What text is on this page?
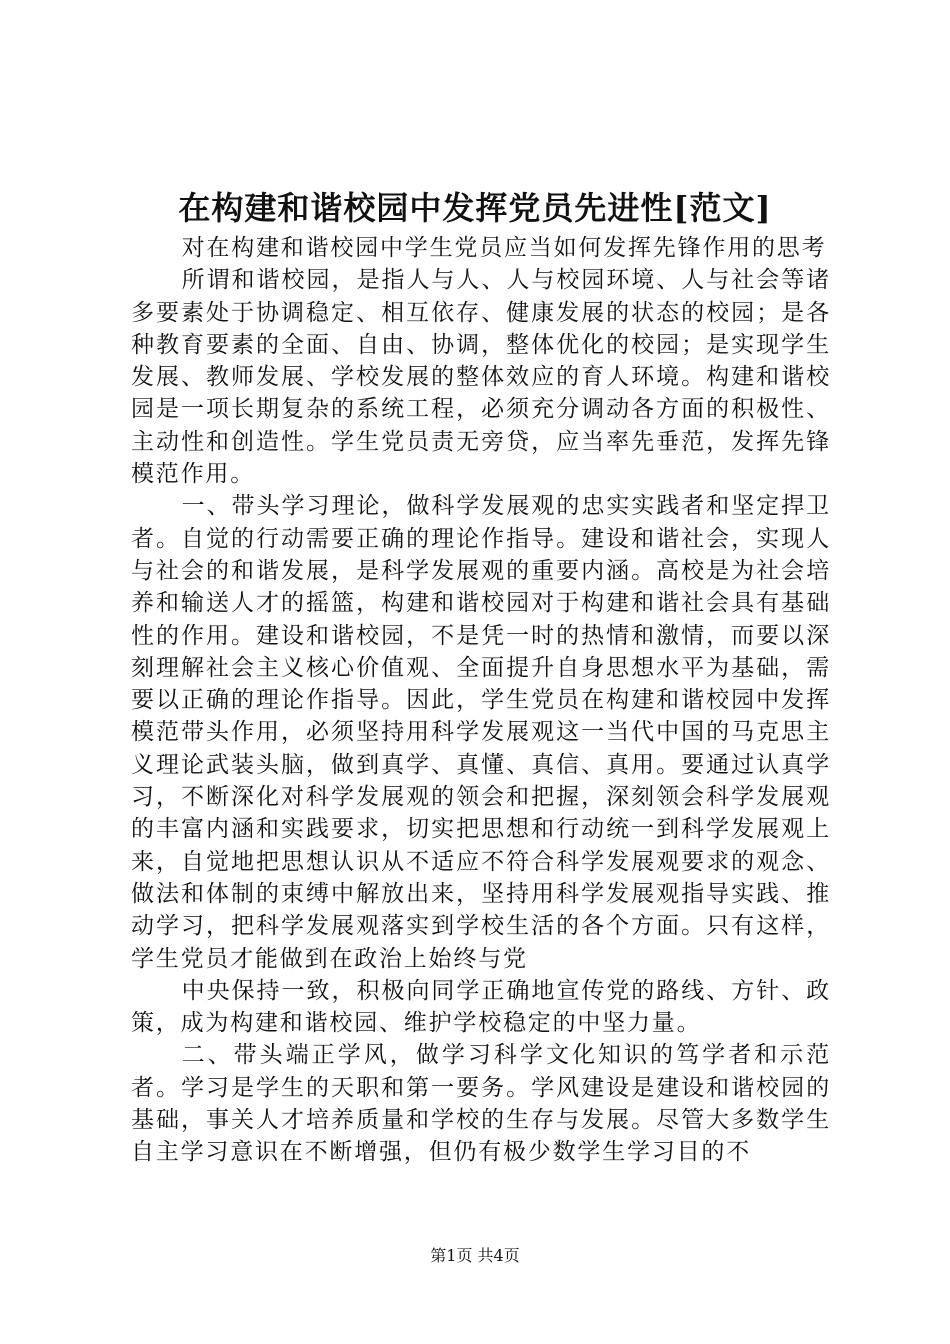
在构建和谐校园中发挥党员先进性[范文]

对在构建和谐校园中学生党员应当如何发挥先锋作用的思考

所谓和谐校园，是指人与人、人与校园环境、人与社会等诸多要素处于协调稳定、相互依存、健康发展的状态的校园；是各种教育要素的全面、自由、协调，整体优化的校园；是实现学生发展、教师发展、学校发展的整体效应的育人环境。构建和谐校园是一项长期复杂的系统工程，必须充分调动各方面的积极性、主动性和创造性。学生党员责无旁贷，应当率先垂范，发挥先锋模范作用。

一、带头学习理论，做科学发展观的忠实实践者和坚定捍卫者。自觉的行动需要正确的理论作指导。建设和谐社会，实现人与社会的和谐发展，是科学发展观的重要内涵。高校是为社会培养和输送人才的摇篮，构建和谐校园对于构建和谐社会具有基础性的作用。建设和谐校园，不是凭一时的热情和激情，而要以深刻理解社会主义核心价值观、全面提升自身思想水平为基础，需要以正确的理论作指导。因此，学生党员在构建和谐校园中发挥模范带头作用，必须坚持用科学发展观这一当代中国的马克思主义理论武装头脑，做到真学、真懂、真信、真用。要通过认真学习，不断深化对科学发展观的领会和把握，深刻领会科学发展观的丰富内涵和实践要求，切实把思想和行动统一到科学发展观上来，自觉地把思想认识从不适应不符合科学发展观要求的观念、做法和体制的束缚中解放出来，坚持用科学发展观指导实践、推动学习，把科学发展观落实到学校生活的各个方面。只有这样，学生党员才能做到在政治上始终与党

中央保持一致，积极向同学正确地宣传党的路线、方针、政策，成为构建和谐校园、维护学校稳定的中坚力量。

二、带头端正学风，做学习科学文化知识的笃学者和示范者。学习是学生的天职和第一要务。学风建设是建设和谐校园的基础，事关人才培养质量和学校的生存与发展。尽管大多数学生自主学习意识在不断增强，但仍有极少数学生学习目的不

第1页 共4页
